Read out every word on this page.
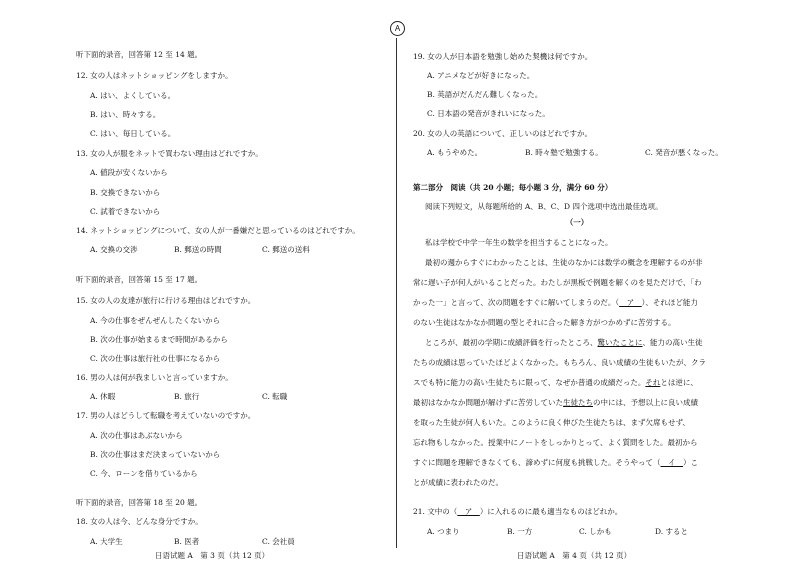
听下面的录音，回答第 12 至 14 题。
12. 女の人はネットショッピングをしますか。
A. はい、よくしている。
B. はい、時々する。
C. はい、毎日している。
13. 女の人が服をネットで買わない理由はどれですか。
A. 値段が安くないから
B. 交換できないから
C. 試着できないから
14. ネットショッピングについて、女の人が一番嫌だと思っているのはどれですか。
A. 交換の交渉	B. 郵送の時間	C. 郵送の送料
听下面的录音，回答第 15 至 17 题。
15. 女の人の友達が旅行に行ける理由はどれですか。
A. 今の仕事をぜんぜんしたくないから
B. 次の仕事が始まるまで時間があるから
C. 次の仕事は旅行社の仕事になるから
16. 男の人は何が我ましいと言っていますか。
A. 休暇	B. 旅行	C. 転職
17. 男の人はどうして転職を考えていないのですか。
A. 次の仕事はあぶないから
B. 次の仕事はまだ決まっていないから
C. 今、ローンを借りているから
听下面的录音，回答第 18 至 20 题。
18. 女の人は今、どんな身分ですか。
A. 大学生	B. 医者	C. 会社員
日语试题 A　第 3 页（共 12 页）
A
19. 女の人が日本語を勉強し始めた契機は何ですか。
A. アニメなどが好きになった。
B. 英語がだんだん難しくなった。
C. 日本語の発音がきれいになった。
20. 女の人の英語について、正しいのはどれですか。
A. もうやめた。	B. 時々塾で勉強する。	C. 発音が悪くなった。
第二部分　阅读（共 20 小题；每小题 3 分，满分 60 分）
阅读下列短文，从每题所给的 A、B、C、D 四个选项中选出最佳选项。
（一）
私は学校で中学一年生の数学を担当することになった。
最初の週からすぐにわかったことは、生徒のなかには数学の概念を理解するのが非
常に遅い子が何人がいることだった。わたしが黒板で例題を解くのを見ただけで、「わ
かった一」と言って、次の問題をすぐに解いてしまうのだ。（　ア　）、それほど能力
のない生徒はなかなか問題の型とそれに合った解き方がつかめずに苦労する。
ところが、最初の学期に成績評価を行ったところ、驚いたことに、能力の高い生徒
たちの成績は思っていたほどよくなかった。もちろん、良い成績の生徒もいたが、クラ
スでも特に能力の高い生徒たちに限って、なぜか普通の成績だった。それとは逆に、
最初はなかなか問題が解けずに苦労していた生徒たちの中には、予想以上に良い成績
を取った生徒が何人もいた。このように良く伸びた生徒たちは、まず欠席もせず、
忘れ物もしなかった。授業中にノートをしっかりとって、よく質問をした。最初から
すぐに問題を理解できなくても、諦めずに何度も挑戦した。そうやって（　イ　）こ
とが成績に表われたのだ。
21. 文中の（　ア　）に入れるのに最も適当なものはどれか。
A. つまり	B. 一方	C. しかも	D. すると
日语试题 A　第 4 页（共 12 页）
